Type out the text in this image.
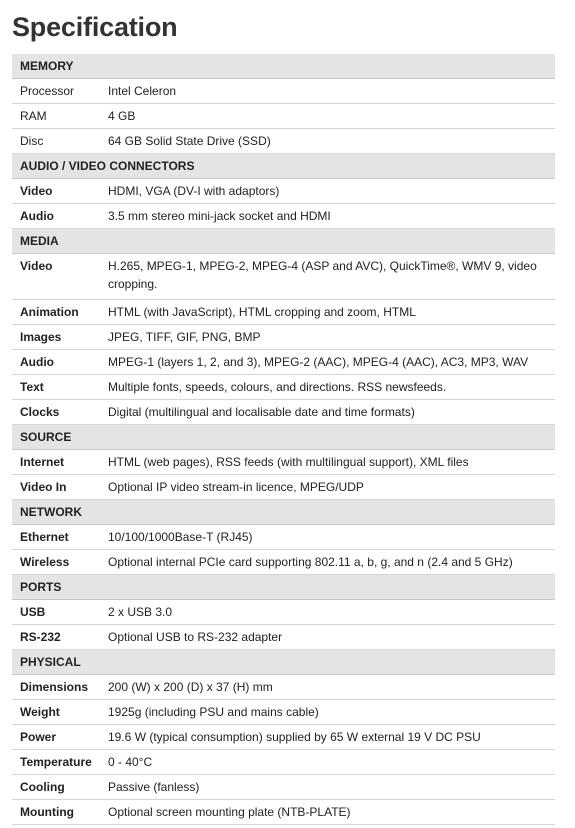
Specification
MEMORY	
Processor	Intel Celeron
RAM	4 GB
Disc	64 GB Solid State Drive (SSD)
AUDIO / VIDEO CONNECTORS	
Video	HDMI, VGA (DV-I with adaptors)
Audio	3.5 mm stereo mini-jack socket and HDMI
MEDIA	
Video	H.265, MPEG-1, MPEG-2, MPEG-4 (ASP and AVC), QuickTime®, WMV 9, video cropping.
Animation	HTML (with JavaScript), HTML cropping and zoom, HTML
Images	JPEG, TIFF, GIF, PNG, BMP
Audio	MPEG-1 (layers 1, 2, and 3), MPEG-2 (AAC), MPEG-4 (AAC), AC3, MP3, WAV
Text	Multiple fonts, speeds, colours, and directions. RSS newsfeeds.
Clocks	Digital (multilingual and localisable date and time formats)
SOURCE	
Internet	HTML (web pages), RSS feeds (with multilingual support), XML files
Video In	Optional IP video stream-in licence, MPEG/UDP
NETWORK	
Ethernet	10/100/1000Base-T (RJ45)
Wireless	Optional internal PCIe card supporting 802.11 a, b, g, and n (2.4 and 5 GHz)
PORTS	
USB	2 x USB 3.0
RS-232	Optional USB to RS-232 adapter
PHYSICAL	
Dimensions	200 (W) x 200 (D) x 37 (H) mm
Weight	1925g (including PSU and mains cable)
Power	19.6 W (typical consumption) supplied by 65 W external 19 V DC PSU
Temperature	0 - 40°C
Cooling	Passive (fanless)
Mounting	Optional screen mounting plate (NTB-PLATE)
